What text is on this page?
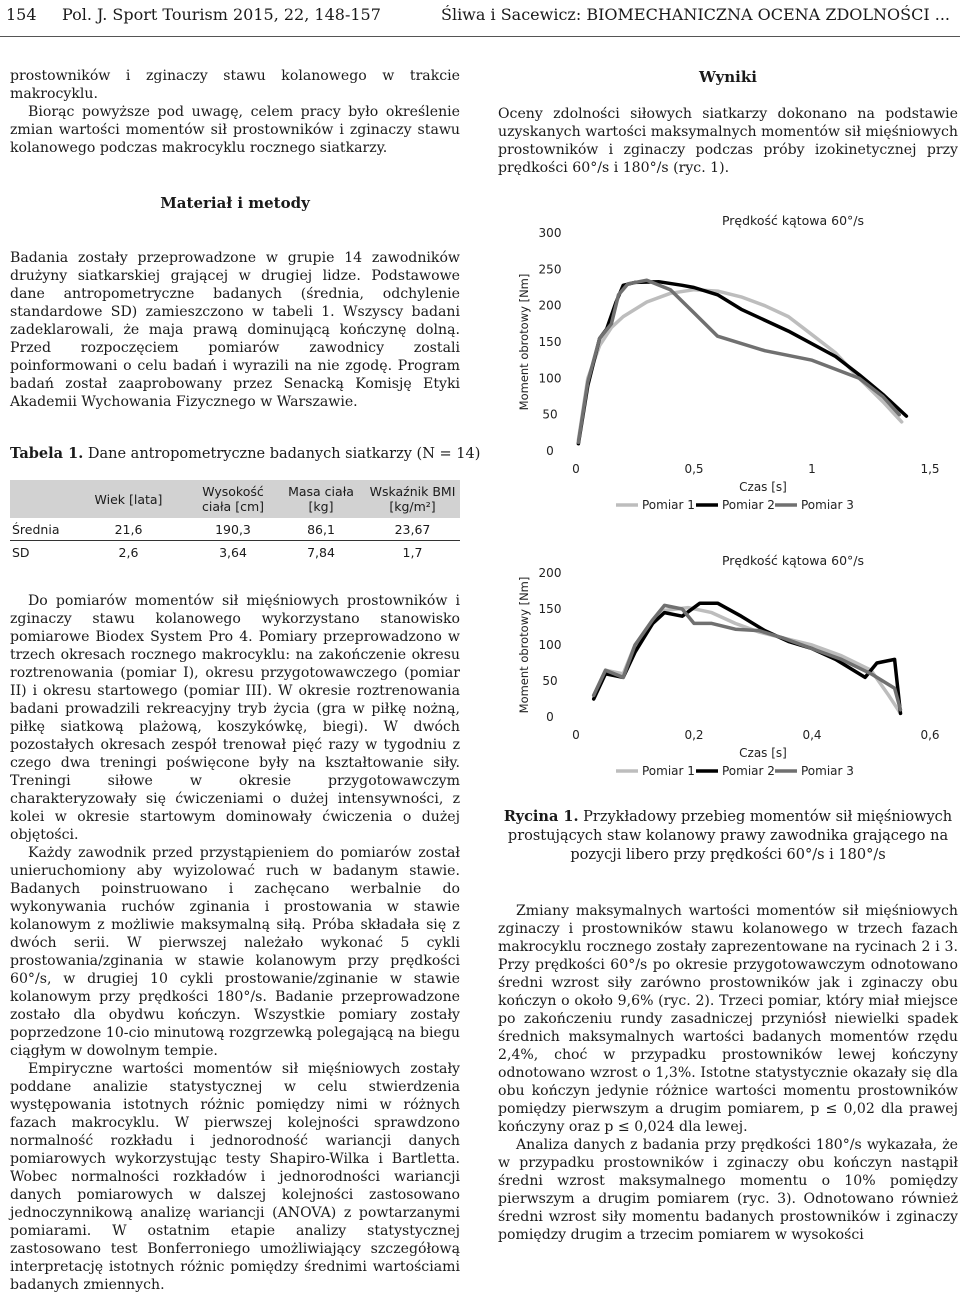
154 Pol. J. Sport Tourism 2015, 22, 148-157	Śliwa i Sacewicz: BIOMECHANICZNA OCENA ZDOLNOŚCI ...

prostowników i zginaczy stawu kolanowego w trakcie makrocyklu.

Biorąc powyższe pod uwagę, celem pracy było określenie zmian wartości momentów sił prostowników i zginaczy stawu kolanowego podczas makrocyklu rocznego siatkarzy.

Materiał i metody

Badania zostały przeprowadzone w grupie 14 zawodników drużyny siatkarskiej grającej w drugiej lidze. Podstawowe dane antropometryczne badanych (średnia, odchylenie standardowe SD) zamieszczono w tabeli 1. Wszyscy badani zadeklarowali, że maja prawą dominującą kończynę dolną. Przed rozpoczęciem pomiarów zawodnicy zostali poinformowani o celu badań i wyrazili na nie zgodę. Program badań został zaaprobowany przez Senacką Komisję Etyki Akademii Wychowania Fizycznego w Warszawie.

Tabela 1. Dane antropometryczne badanych siatkarzy (N = 14)
	Wiek [lata]	Wysokość ciała [cm]	Masa ciała [kg]	Wskaźnik BMI [kg/m²]
Średnia	21,6	190,3	86,1	23,67
SD	2,6	3,64	7,84	1,7

Do pomiarów momentów sił mięśniowych prostowników i zginaczy stawu kolanowego wykorzystano stanowisko pomiarowe Biodex System Pro 4. Pomiary przeprowadzono w trzech okresach rocznego makrocyklu: na zakończenie okresu roztrenowania (pomiar I), okresu przygotowawczego (pomiar II) i okresu startowego (pomiar III). W okresie roztrenowania badani prowadzili rekreacyjny tryb życia (gra w piłkę nożną, piłkę siatkową plażową, koszykówkę, biegi). W dwóch pozostałych okresach zespół trenował pięć razy w tygodniu z czego dwa treningi poświęcone były na kształtowanie siły. Treningi siłowe w okresie przygotowawczym charakteryzowały się ćwiczeniami o dużej intensywności, z kolei w okresie startowym dominowały ćwiczenia o dużej objętości.

Każdy zawodnik przed przystąpieniem do pomiarów został unieruchomiony aby wyizolować ruch w badanym stawie. Badanych poinstruowano i zachęcano werbalnie do wykonywania ruchów zginania i prostowania w stawie kolanowym z możliwie maksymalną siłą. Próba składała się z dwóch serii. W pierwszej należało wykonać 5 cykli prostowania/zginania w stawie kolanowym przy prędkości 60°/s, w drugiej 10 cykli prostowanie/zginanie w stawie kolanowym przy prędkości 180°/s. Badanie przeprowadzone zostało dla obydwu kończyn. Wszystkie pomiary zostały poprzedzone 10-cio minutową rozgrzewką polegającą na biegu ciągłym w dowolnym tempie.

Empiryczne wartości momentów sił mięśniowych zostały poddane analizie statystycznej w celu stwierdzenia występowania istotnych różnic pomiędzy nimi w różnych fazach makrocyklu. W pierwszej kolejności sprawdzono normalność rozkładu i jednorodność wariancji danych pomiarowych wykorzystując testy Shapiro-Wilka i Bartletta. Wobec normalności rozkładów i jednorodności wariancji danych pomiarowych w dalszej kolejności zastosowano jednoczynnikową analizę wariancji (ANOVA) z powtarzanymi pomiarami. W ostatnim etapie analizy statystycznej zastosowano test Bonferroniego umożliwiający szczegółową interpretację istotnych różnic pomiędzy średnimi wartościami badanych zmiennych.

Wyniki

Oceny zdolności siłowych siatkarzy dokonano na podstawie uzyskanych wartości maksymalnych momentów sił mięśniowych prostowników i zginaczy podczas próby izokinetycznej przy prędkości 60°/s i 180°/s (ryc. 1).

Prędkość kątowa 60°/s
0
50
100
150
200
250
300
0	0,5	1	1,5
Moment obrotowy [Nm]
Czas [s]
Pomiar 1 Pomiar 2 Pomiar 3
Prędkość kątowa 60°/s
0
50
100
150
200
0	0,2	0,4	0,6
Moment obrotowy [Nm]
Czas [s]
Pomiar 1 Pomiar 2 Pomiar 3
Rycina 1. Przykładowy przebieg momentów sił mięśniowych prostujących staw kolanowy prawy zawodnika grającego na pozycji libero przy prędkości 60°/s i 180°/s

Zmiany maksymalnych wartości momentów sił mięśniowych zginaczy i prostowników stawu kolanowego w trzech fazach makrocyklu rocznego zostały zaprezentowane na rycinach 2 i 3. Przy prędkości 60°/s po okresie przygotowawczym odnotowano średni wzrost siły zarówno prostowników jak i zginaczy obu kończyn o około 9,6% (ryc. 2). Trzeci pomiar, który miał miejsce po zakończeniu rundy zasadniczej przyniósł niewielki spadek średnich maksymalnych wartości badanych momentów rzędu 2,4%, choć w przypadku prostowników lewej kończyny odnotowano wzrost o 1,3%. Istotne statystycznie okazały się dla obu kończyn jedynie różnice wartości momentu prostowników pomiędzy pierwszym a drugim pomiarem, p ≤ 0,02 dla prawej kończyny oraz p ≤ 0,024 dla lewej.

Analiza danych z badania przy prędkości 180°/s wykazała, że w przypadku prostowników i zginaczy obu kończyn nastąpił średni wzrost maksymalnego momentu o 10% pomiędzy pierwszym a drugim pomiarem (ryc. 3). Odnotowano również średni wzrost siły momentu badanych prostowników i zginaczy pomiędzy drugim a trzecim pomiarem w wysokości
